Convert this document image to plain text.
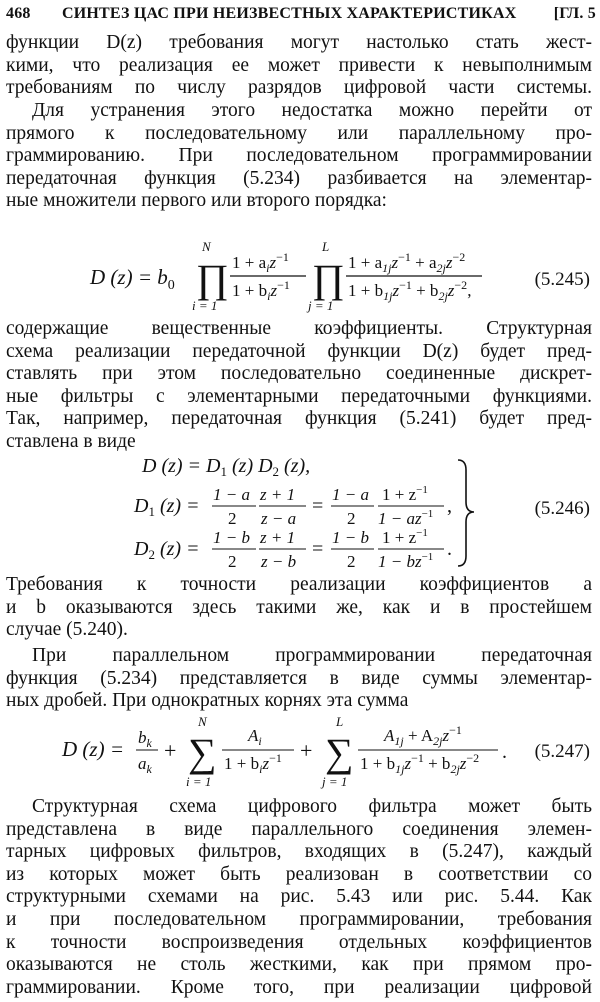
468 СИНТЕЗ ЦАС ПРИ НЕИЗВЕСТНЫХ ХАРАКТЕРИСТИКАХ [ГЛ. 5
функции D(z) требования могут настолько стать жест-
кими, что реализация ее может привести к невыполнимым
требованиям по числу разрядов цифровой части системы.
Для устранения этого недостатка можно перейти от
прямого к последовательному или параллельному про-
граммированию. При последовательном программировании
передаточная функция (5.234) разбивается на элементар-
ные множители первого или второго порядка:
D $(z) = b_0$
N
∏
i = 1
$1 + a_iz^{-1}$
$1 + b_iz^{-1}$
L
∏
j = 1
$1 + a_{1j}z^{-1} + a_{2j}z^{-2}$
$1 + b_{1j}z^{-1} + b_{2j}z^{-2}$,
(5.245)
содержащие вещественные коэффициенты. Структурная
схема реализации передаточной функции D(z) будет пред-
ставлять при этом последовательно соединенные дискрет-
ные фильтры с элементарными передаточными функциями.
Так, например, передаточная функция (5.241) будет пред-
ставлена в виде
D $(z) = D_1$ (z) $D_2$ (z),
$D_1$ (z) =
1 − a
2
z + 1
z − a
=
1 − a
2
$1 + z^{-1}$
$1 - az^{-1}$ ,
$D_2$ (z) =
1 − b
2
z + 1
z − b
=
1 − b
2
$1 + z^{-1}$
$1 - bz^{-1}$ .
(5.246)
Требования к точности реализации коэффициентов a
и b оказываются здесь такими же, как и в простейшем
случае (5.240).
При параллельном программировании передаточная
функция (5.234) представляется в виде суммы элементар-
ных дробей. При однократных корнях эта сумма
D $(z) = b_k$
$a_k$
+
N
∑
i = 1
$A_i$
$1 + b_iz^{-1}$ +
L
∑
j = 1
$A_{1j} + A_{2j}z^{-1}$
$1 + b_{1j}z^{-1} + b_{2j}z^{-2}$ . (5.247)
Структурная схема цифрового фильтра может быть
представлена в виде параллельного соединения элемен-
тарных цифровых фильтров, входящих в (5.247), каждый
из которых может быть реализован в соответствии со
структурными схемами на рис. 5.43 или рис. 5.44. Как
и при последовательном программировании, требования
к точности воспроизведения отдельных коэффициентов
оказываются не столь жесткими, как при прямом про-
граммировании. Кроме того, при реализации цифровой
